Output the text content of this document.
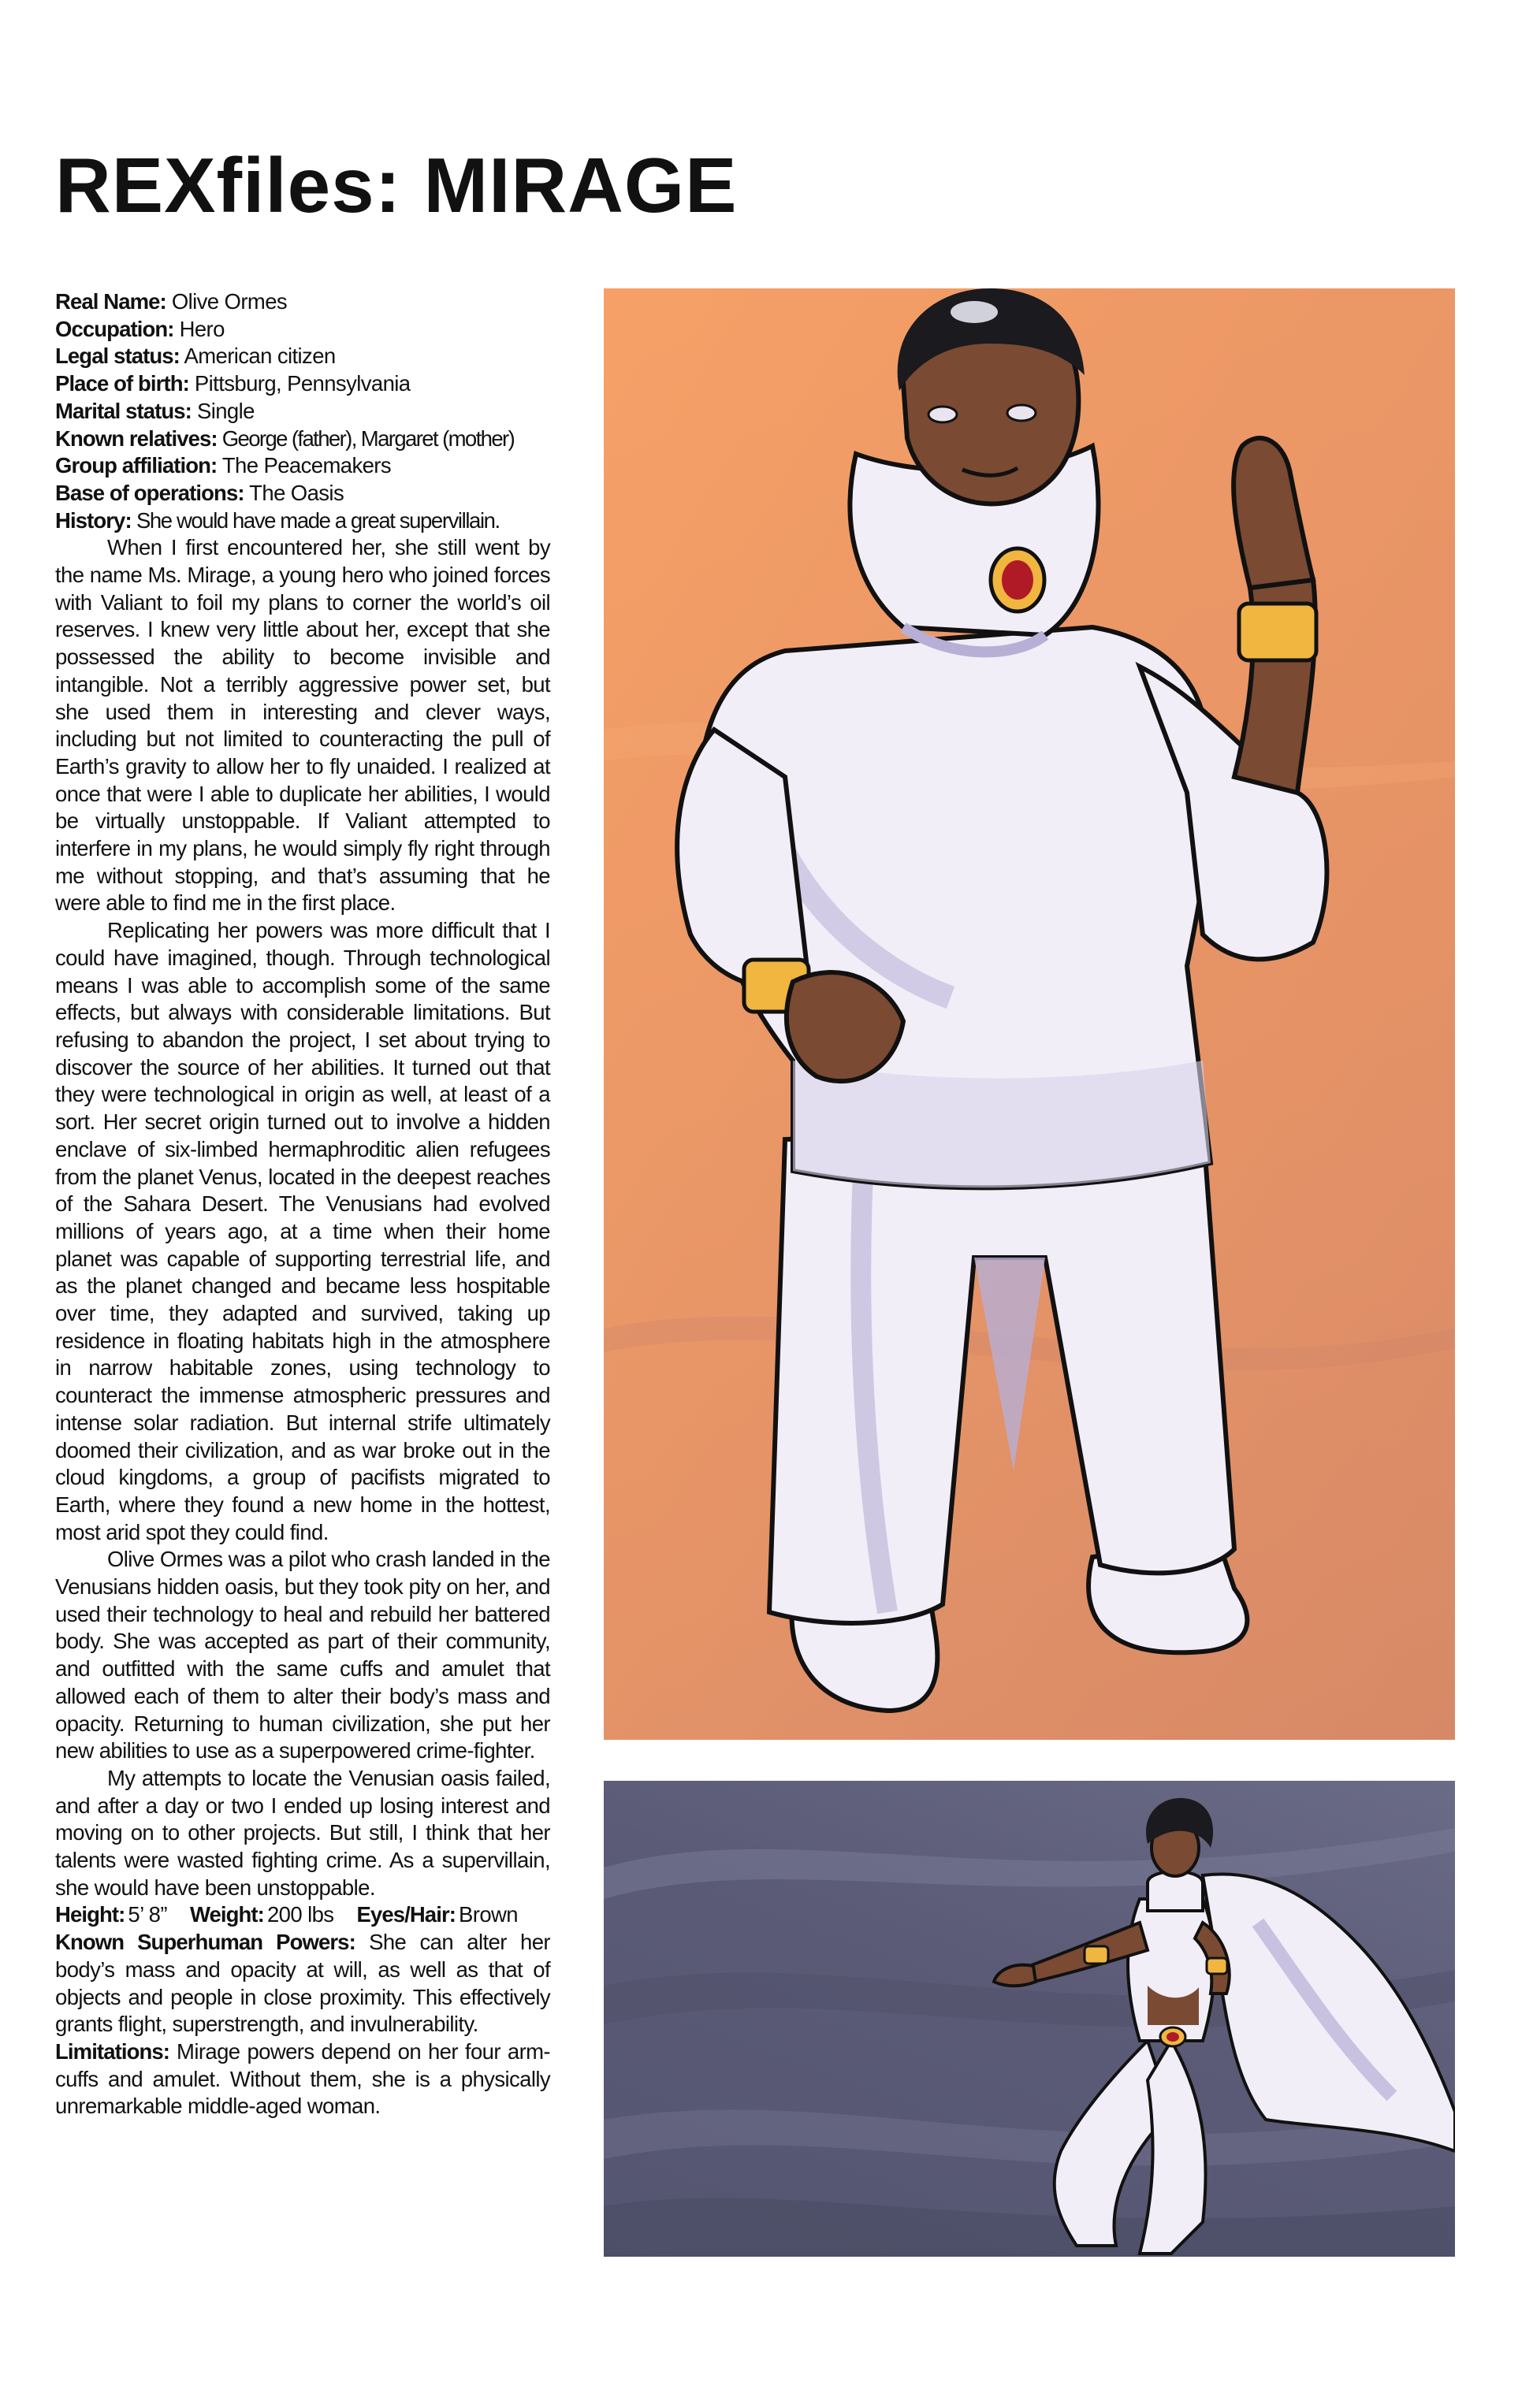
REXfiles: MIRAGE

Real Name: Olive Ormes

Occupation: Hero

Legal status: American citizen

Place of birth: Pittsburg, Pennsylvania

Marital status: Single

Known relatives: George (father), Margaret (mother)

Group affiliation: The Peacemakers

Base of operations: The Oasis

History: She would have made a great supervillain.

When I first encountered her, she still went by the name Ms. Mirage, a young hero who joined forces with Valiant to foil my plans to corner the world’s oil reserves. I knew very little about her, except that she possessed the ability to become invisible and intangible. Not a terribly aggressive power set, but she used them in interesting and clever ways, including but not limited to counteracting the pull of Earth’s gravity to allow her to fly unaided. I realized at once that were I able to duplicate her abilities, I would be virtually unstoppable. If Valiant attempted to interfere in my plans, he would simply fly right through me without stopping, and that’s assuming that he were able to find me in the first place.

Replicating her powers was more difficult that I could have imagined, though. Through technological means I was able to accomplish some of the same effects, but always with considerable limitations. But refusing to abandon the project, I set about trying to discover the source of her abilities. It turned out that they were technological in origin as well, at least of a sort. Her secret origin turned out to involve a hidden enclave of six-limbed hermaphroditic alien refugees from the planet Venus, located in the deepest reaches of the Sahara Desert. The Venusians had evolved millions of years ago, at a time when their home planet was capable of supporting terrestrial life, and as the planet changed and became less hospitable over time, they adapted and survived, taking up residence in floating habitats high in the atmosphere in narrow habitable zones, using technology to counteract the immense atmospheric pressures and intense solar radiation. But internal strife ultimately doomed their civilization, and as war broke out in the cloud kingdoms, a group of pacifists migrated to Earth, where they found a new home in the hottest, most arid spot they could find.

Olive Ormes was a pilot who crash landed in the Venusians hidden oasis, but they took pity on her, and used their technology to heal and rebuild her battered body. She was accepted as part of their community, and outfitted with the same cuffs and amulet that allowed each of them to alter their body’s mass and opacity. Returning to human civilization, she put her new abilities to use as a superpowered crime-fighter.

My attempts to locate the Venusian oasis failed, and after a day or two I ended up losing interest and moving on to other projects. But still, I think that her talents were wasted fighting crime. As a supervillain, she would have been unstoppable.

Height: 5’ 8” Weight: 200 lbs Eyes/Hair: Brown

Known Superhuman Powers: She can alter her body’s mass and opacity at will, as well as that of objects and people in close proximity. This effectively grants flight, superstrength, and invulnerability.

Limitations: Mirage powers depend on her four arm-cuffs and amulet. Without them, she is a physically unremarkable middle-aged woman.
